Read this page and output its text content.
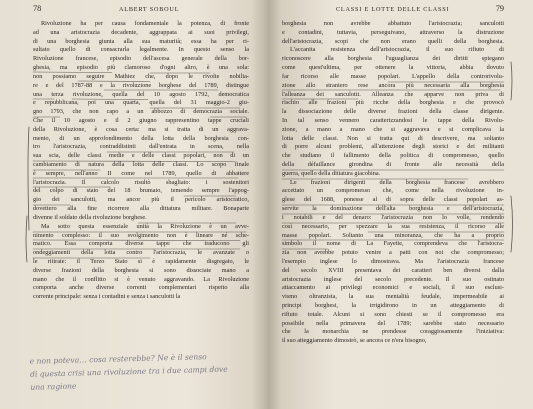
78	ALBERT SOBOUL
Rivoluzione ha per causa fondamentale la potenza, di fronte
ad una aristocrazia decadente, aggrappata ai suoi privilegi,
di una borghesia giunta alla sua maturità; essa ha per ri-
sultato quello di consacrarla legalmente. In questo senso la
Rivoluzione francese, episodio dell'ascesa generale della bor-
ghesia, ma episodio più clamoroso d'ogni altro, è una sola:
non possiamo seguire Mathiez che, dopo le rivolte nobilia-
re e del 1787-88 e la rivoluzione borghese del 1789, distingue
una terza rivoluzione, quella del 10 agosto 1792, democratica
e repubblicana, poi una quarta, quella del 31 maggio-2 giu-
gno 1793, che non capo a un abbozzo di democrazia sociale.
Che il 10 agosto e il 2 giugno rappresentino tappe cruciali
della Rivoluzione, è cosa certa: ma si tratta di un aggrava-
mento, di un approfondimento della lotta della borghesia con-
tro l'aristocrazia, contraddistinti dall'entrata in scena, nella
sua scia, delle classi medie e delle classi popolari, non di un
cambiamento di natura della lotta delle classi. Lo scopo finale
è sempre, nell'anno II come nel 1789, quello di abbattere
l'aristocrazia. Il calcolo risultò sbagliato: i sostenitori
del colpo di stato del 18 brumaio, temendo sempre l'appog-
gio dei sanculotti, ma ancor più il pericolo aristocratico,
dovettero alla fine ricorrere alla dittatura militare. Bonaparte
divenne il soldato della rivoluzione borghese.
Ma sotto questa essenziale unità la Rivoluzione è un avve-
nimento complesso: il suo svolgimento non è lineare né sche-
matico. Essa comporta diverse tappe che traducono gli
ondeggiamenti della lotta contro l'aristocrazia, le avanzate o
le ritirate: il Terzo Stato si è rapidamente disgregato, le
diverse frazioni della borghesia si sono dissociate mano a
mano che il conflitto si è venuto aggravando. La Rivoluzione
comporta anche diverse correnti complementari rispetto alla
corrente principale: senza i contadini e senza i sanculotti la
e non poteva… cosa resterebbe? Ne è il senso
di questa crisi una rivoluzione tra i due campi dove
una ragione
CLASSI E LOTTE DELLE CLASSI	79
borghesia non avrebbe abbattuto l'aristocrazia; sanculotti
e contadini, tuttavia, perseguivano, attraverso la distruzione
dell'aristocrazia, scopi che non erano quelli della borghesia.
L'accanita resistenza dell'aristocrazia, il suo rifiuto di
riconoscere alla borghesia l'uguaglianza dei diritti spiegano
come quest'ultima, per ottenere la vittoria, abbia dovuto
far ricorso alle masse popolari. L'appello della controrivolu-
zione allo straniero rese ancora più necessaria alla borghesia
l'alleanza dei sanculotti. Alleanza che apparve non priva di
rischio alle frazioni più ricche della borghesia e che provocò
la dissociazione delle diverse frazioni della classe dirigente.
In tal senso vennero caratterizzandosi le tappe della Rivolu-
zione, a mano a mano che si aggravava e si complicava la
lotta delle classi. Non si tratta qui di descrivere, ma soltanto
di porre alcuni problemi, all'attenzione degli storici e dei militanti
che studiano il fallimento della politica di compromesso, quello
della défaillance girondina di fronte alle necessità della
guerra, quello della dittatura giacobina.
Le frazioni dirigenti della borghesia francese avrebbero
accettato un compromesso che, come nella rivoluzione in-
glese del 1688, ponesse al di sopra delle classi popolari as-
servite la dominazione dell'alta borghesia e dell'aristocrazia,
i notabili e del denaro: l'aristocrazia non lo volle, rendendo
così necessario, per spezzare la sua resistenza, il ricorso alle
masse popolari. Soltanto una minoranza, che ha a proprio
simbolo il nome di La Fayette, comprendeva che l'aristocra-
zia non avrebbe potuto venire a patti con noi che compromesso;
l'esempio inglese lo dimostrava. Ma l'aristocrazia francese
del secolo XVIII presentava dei caratteri ben diversi dalla
aristocrazia inglese del secolo precedente. Il suo ostinato
attaccamento ai privilegi economici e sociali, il suo esclusi-
vismo oltranzista, la sua mentalità feudale, impermeabile ai
principi borghesi, la irrigidirono in un atteggiamento di
rifiuto totale. Alcuni si sono chiesti se il compromesso era
possibile nella primavera del 1789; sarebbe stato necessario
che la monarchia ne prendesse coraggiosamente l'iniziativa:
il suo atteggiamento dimostrò, se ancora ce n'era bisogno,
